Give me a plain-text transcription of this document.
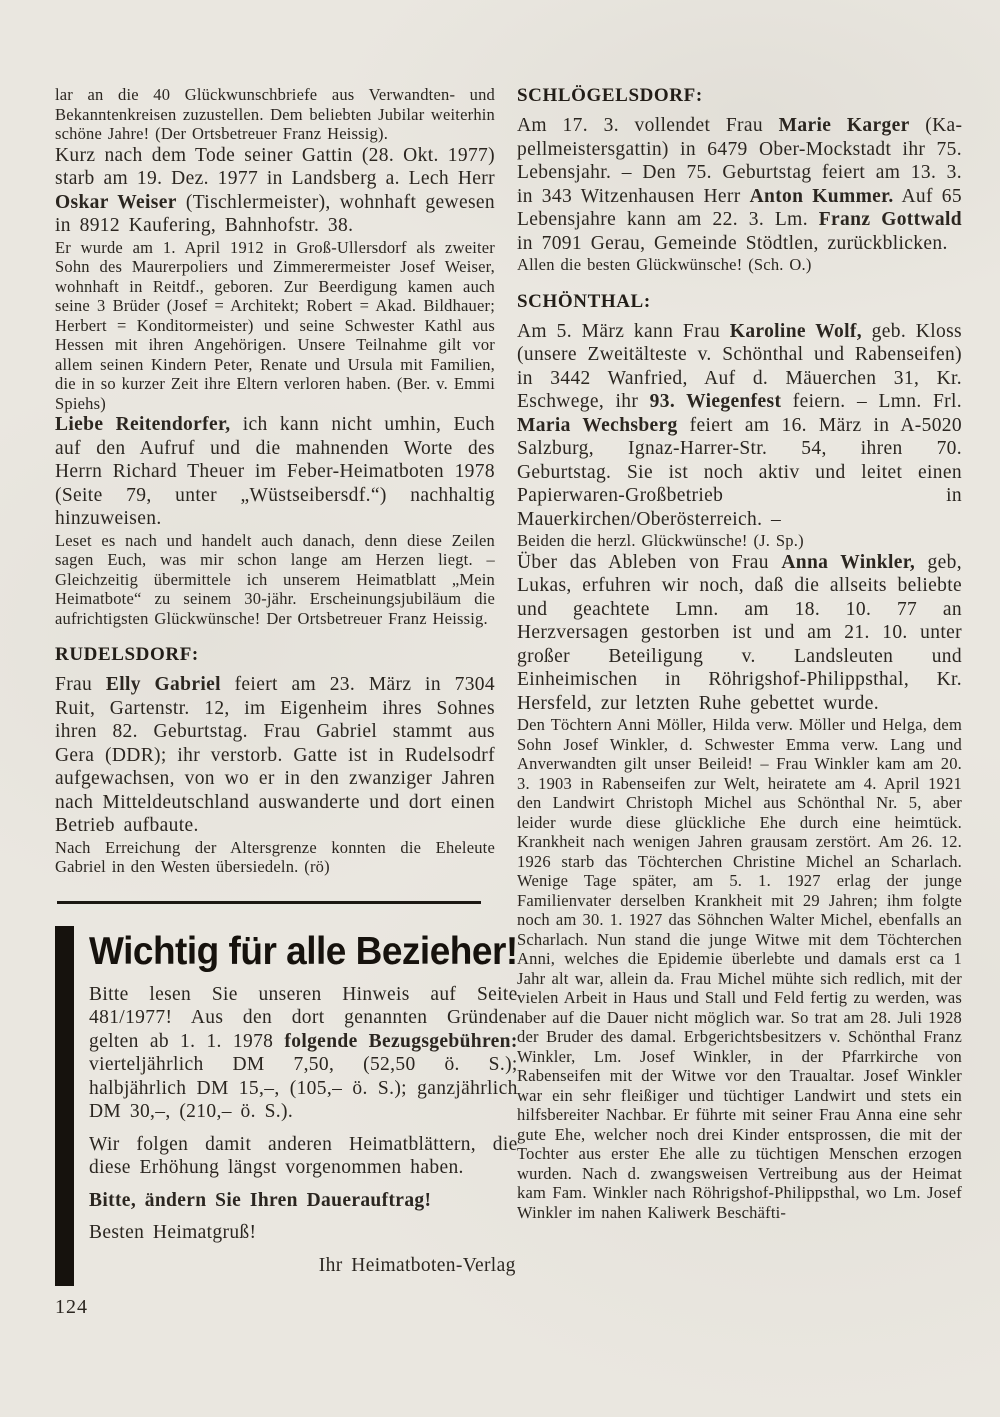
lar an die 40 Glückwunschbriefe aus Verwandten- und Bekanntenkreisen zuzustellen. Dem beliebten Jubilar weiterhin schöne Jahre! (Der Ortsbetreuer Franz Heissig).

Kurz nach dem Tode seiner Gattin (28. Okt. 1977) starb am 19. Dez. 1977 in Landsberg a. Lech Herr Oskar Weiser (Tischlermeister), wohnhaft gewesen in 8912 Kaufering, Bahnhofstr. 38.

Er wurde am 1. April 1912 in Groß-Ullersdorf als zweiter Sohn des Maurerpoliers und Zimmerermeister Josef Weiser, wohnhaft in Reitdf., geboren. Zur Beerdigung kamen auch seine 3 Brüder (Josef = Architekt; Robert = Akad. Bildhauer; Herbert = Konditormeister) und seine Schwester Kathl aus Hessen mit ihren Angehörigen. Unsere Teilnahme gilt vor allem seinen Kindern Peter, Renate und Ursula mit Familien, die in so kurzer Zeit ihre Eltern verloren haben. (Ber. v. Emmi Spiehs)

Liebe Reitendorfer, ich kann nicht umhin, Euch auf den Aufruf und die mahnenden Worte des Herrn Richard Theuer im Feber-Heimatboten 1978 (Seite 79, unter „Wüstseibersdf.“) nachhaltig hinzuweisen.

Leset es nach und handelt auch danach, denn diese Zeilen sagen Euch, was mir schon lange am Herzen liegt. – Gleichzeitig übermittele ich unserem Heimatblatt „Mein Heimatbote“ zu seinem 30-jähr. Erscheinungsjubiläum die aufrichtigsten Glückwünsche! Der Ortsbetreuer Franz Heissig.

RUDELSDORF:

Frau Elly Gabriel feiert am 23. März in 7304 Ruit, Gartenstr. 12, im Eigenheim ihres Sohnes ihren 82. Geburtstag. Frau Gabriel stammt aus Gera (DDR); ihr verstorb. Gatte ist in Rudelsodrf aufgewachsen, von wo er in den zwanziger Jahren nach Mitteldeutschland auswanderte und dort einen Betrieb aufbaute.

Nach Erreichung der Altersgrenze konnten die Eheleute Gabriel in den Westen übersiedeln. (rö)

Wichtig für alle Bezieher!

Bitte lesen Sie unseren Hinweis auf Seite 481/1977! Aus den dort genannten Gründen gelten ab 1. 1. 1978 folgende Bezugsgebühren: vierteljährlich DM 7,50, (52,50 ö. S.); halbjährlich DM 15,–, (105,– ö. S.); ganzjährlich DM 30,–, (210,– ö. S.).

Wir folgen damit anderen Heimatblättern, die diese Erhöhung längst vorgenommen haben.

Bitte, ändern Sie Ihren Dauerauftrag!

Besten Heimatgruß!

Ihr Heimatboten-Verlag

SCHLÖGELSDORF:

Am 17. 3. vollendet Frau Marie Karger (Kapellmeistersgattin) in 6479 Ober-Mockstadt ihr 75. Lebensjahr. – Den 75. Geburtstag feiert am 13. 3. in 343 Witzenhausen Herr Anton Kummer. Auf 65 Lebensjahre kann am 22. 3. Lm. Franz Gottwald in 7091 Gerau, Gemeinde Stödtlen, zurückblicken.

Allen die besten Glückwünsche! (Sch. O.)

SCHÖNTHAL:

Am 5. März kann Frau Karoline Wolf, geb. Kloss (unsere Zweitälteste v. Schönthal und Rabenseifen) in 3442 Wanfried, Auf d. Mäuerchen 31, Kr. Eschwege, ihr 93. Wiegenfest feiern. – Lmn. Frl. Maria Wechsberg feiert am 16. März in A-5020 Salzburg, Ignaz-Harrer-Str. 54, ihren 70. Geburtstag. Sie ist noch aktiv und leitet einen Papierwaren-Großbetrieb in Mauerkirchen/Oberösterreich. –

Beiden die herzl. Glückwünsche! (J. Sp.)

Über das Ableben von Frau Anna Winkler, geb, Lukas, erfuhren wir noch, daß die allseits beliebte und geachtete Lmn. am 18. 10. 77 an Herzversagen gestorben ist und am 21. 10. unter großer Beteiligung v. Landsleuten und Einheimischen in Röhrigshof-Philippsthal, Kr. Hersfeld, zur letzten Ruhe gebettet wurde.

Den Töchtern Anni Möller, Hilda verw. Möller und Helga, dem Sohn Josef Winkler, d. Schwester Emma verw. Lang und Anverwandten gilt unser Beileid! – Frau Winkler kam am 20. 3. 1903 in Rabenseifen zur Welt, heiratete am 4. April 1921 den Landwirt Christoph Michel aus Schönthal Nr. 5, aber leider wurde diese glückliche Ehe durch eine heimtück. Krankheit nach wenigen Jahren grausam zerstört. Am 26. 12. 1926 starb das Töchterchen Christine Michel an Scharlach. Wenige Tage später, am 5. 1. 1927 erlag der junge Familienvater derselben Krankheit mit 29 Jahren; ihm folgte noch am 30. 1. 1927 das Söhnchen Walter Michel, ebenfalls an Scharlach. Nun stand die junge Witwe mit dem Töchterchen Anni, welches die Epidemie überlebte und damals erst ca 1 Jahr alt war, allein da. Frau Michel mühte sich redlich, mit der vielen Arbeit in Haus und Stall und Feld fertig zu werden, was aber auf die Dauer nicht möglich war. So trat am 28. Juli 1928 der Bruder des damal. Erbgerichtsbesitzers v. Schönthal Franz Winkler, Lm. Josef Winkler, in der Pfarrkirche von Rabenseifen mit der Witwe vor den Traualtar. Josef Winkler war ein sehr fleißiger und tüchtiger Landwirt und stets ein hilfsbereiter Nachbar. Er führte mit seiner Frau Anna eine sehr gute Ehe, welcher noch drei Kinder entsprossen, die mit der Tochter aus erster Ehe alle zu tüchtigen Menschen erzogen wurden. Nach d. zwangsweisen Vertreibung aus der Heimat kam Fam. Winkler nach Röhrigshof-Philippsthal, wo Lm. Josef Winkler im nahen Kaliwerk Beschäfti-

124
